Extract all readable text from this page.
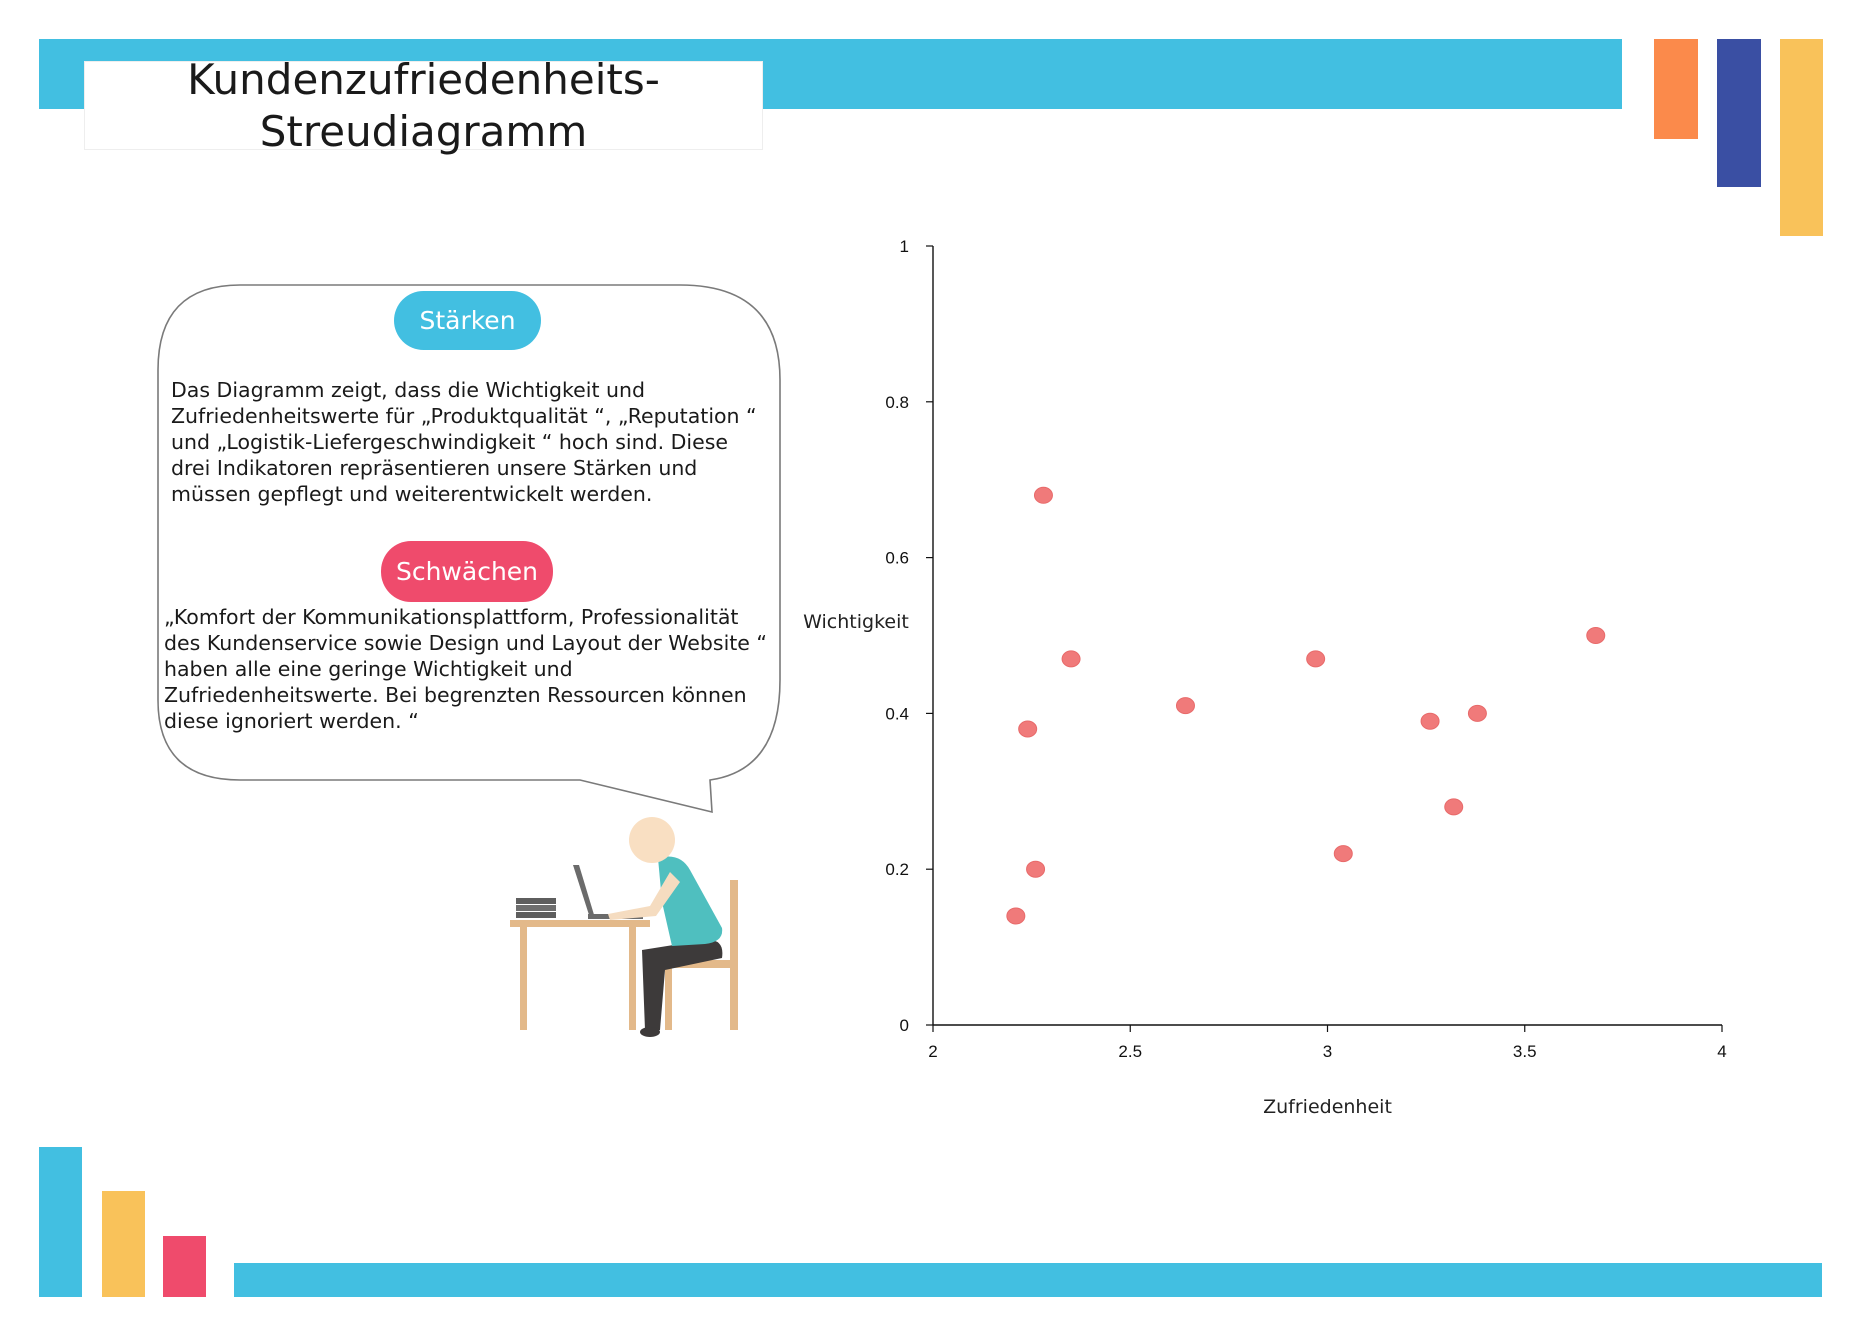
Kundenzufriedenheits-
Streudiagramm
Stärken
Das Diagramm zeigt, dass die Wichtigkeit und Zufriedenheitswerte für „Produktqualität “, „Reputation “ und „Logistik-Liefergeschwindigkeit “ hoch sind. Diese drei Indikatoren repräsentieren unsere Stärken und müssen gepflegt und weiterentwickelt werden.
Schwächen
„Komfort der Kommunikationsplattform, Professionalität des Kundenservice sowie Design und Layout der Website “ haben alle eine geringe Wichtigkeit und Zufriedenheitswerte. Bei begrenzten Ressourcen können diese ignoriert werden. “
2	2.5	3	3.5	4
0
0.2
0.4
0.6
0.8
1
Zufriedenheit
Wichtigkeit
